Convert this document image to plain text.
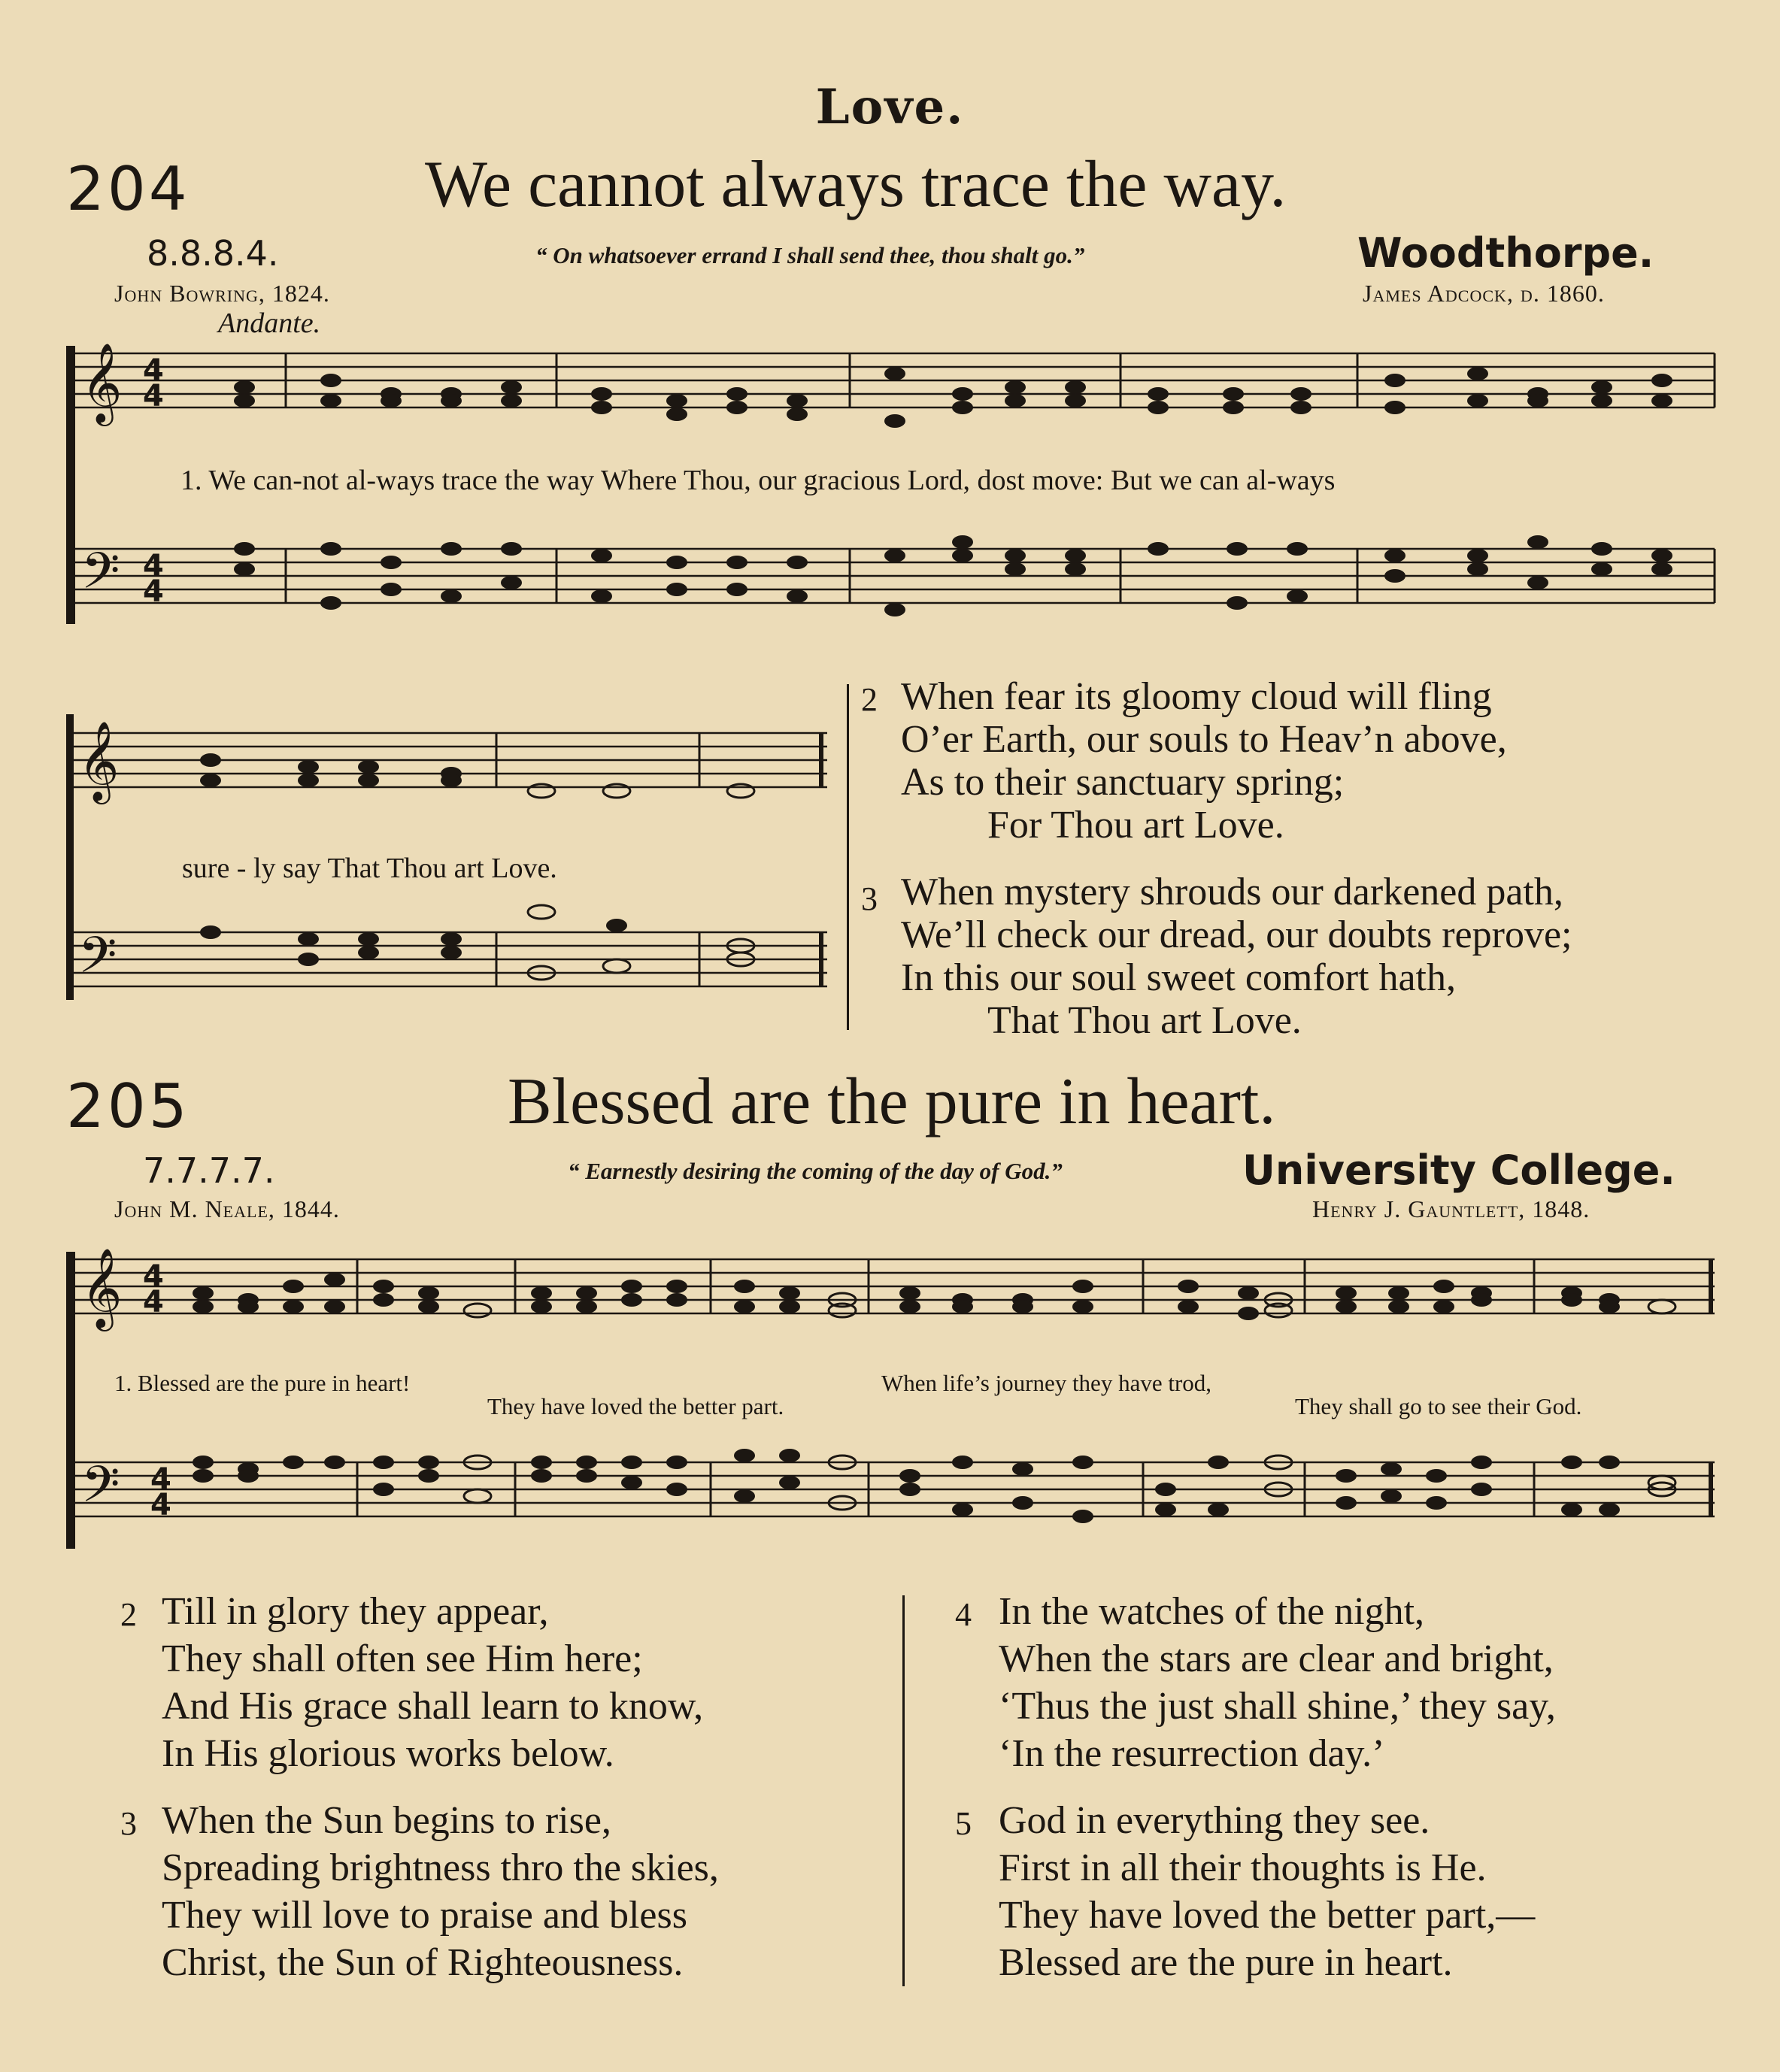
Love.
204	We cannot always trace the way.
8.8.8.4.	“ On whatsoever errand I shall send thee, thou shalt go.”	Woodthorpe.
John Bowring, 1824.	James Adcock, d. 1860.
Andante.
𝄞
𝄢
4
4
4
4
1. We can-not al-ways trace the way Where Thou, our gracious Lord, dost move: But we can al-ways
𝄞
𝄢
sure - ly say That Thou art Love.
2 When fear its gloomy cloud will fling
O’er Earth, our souls to Heav’n above,
As to their sanctuary spring;
For Thou art Love.
3 When mystery shrouds our darkened path,
We’ll check our dread, our doubts reprove;
In this our soul sweet comfort hath,
That Thou art Love.
205	Blessed are the pure in heart.
7.7.7.7.	“ Earnestly desiring the coming of the day of God.”	University College.
John M. Neale, 1844.	Henry J. Gauntlett, 1848.
𝄞
𝄢
4
4
4
4
1. Blessed are the pure in heart!
They have loved the better part.
When life’s journey they have trod,
They shall go to see their God.
2 Till in glory they appear,
They shall often see Him here;
And His grace shall learn to know,
In His glorious works below.
3 When the Sun begins to rise,
Spreading brightness thro the skies,
They will love to praise and bless
Christ, the Sun of Righteousness.
4 In the watches of the night,
When the stars are clear and bright,
‘Thus the just shall shine,’ they say,
‘In the resurrection day.’
5 God in everything they see.
First in all their thoughts is He.
They have loved the better part,—
Blessed are the pure in heart.
